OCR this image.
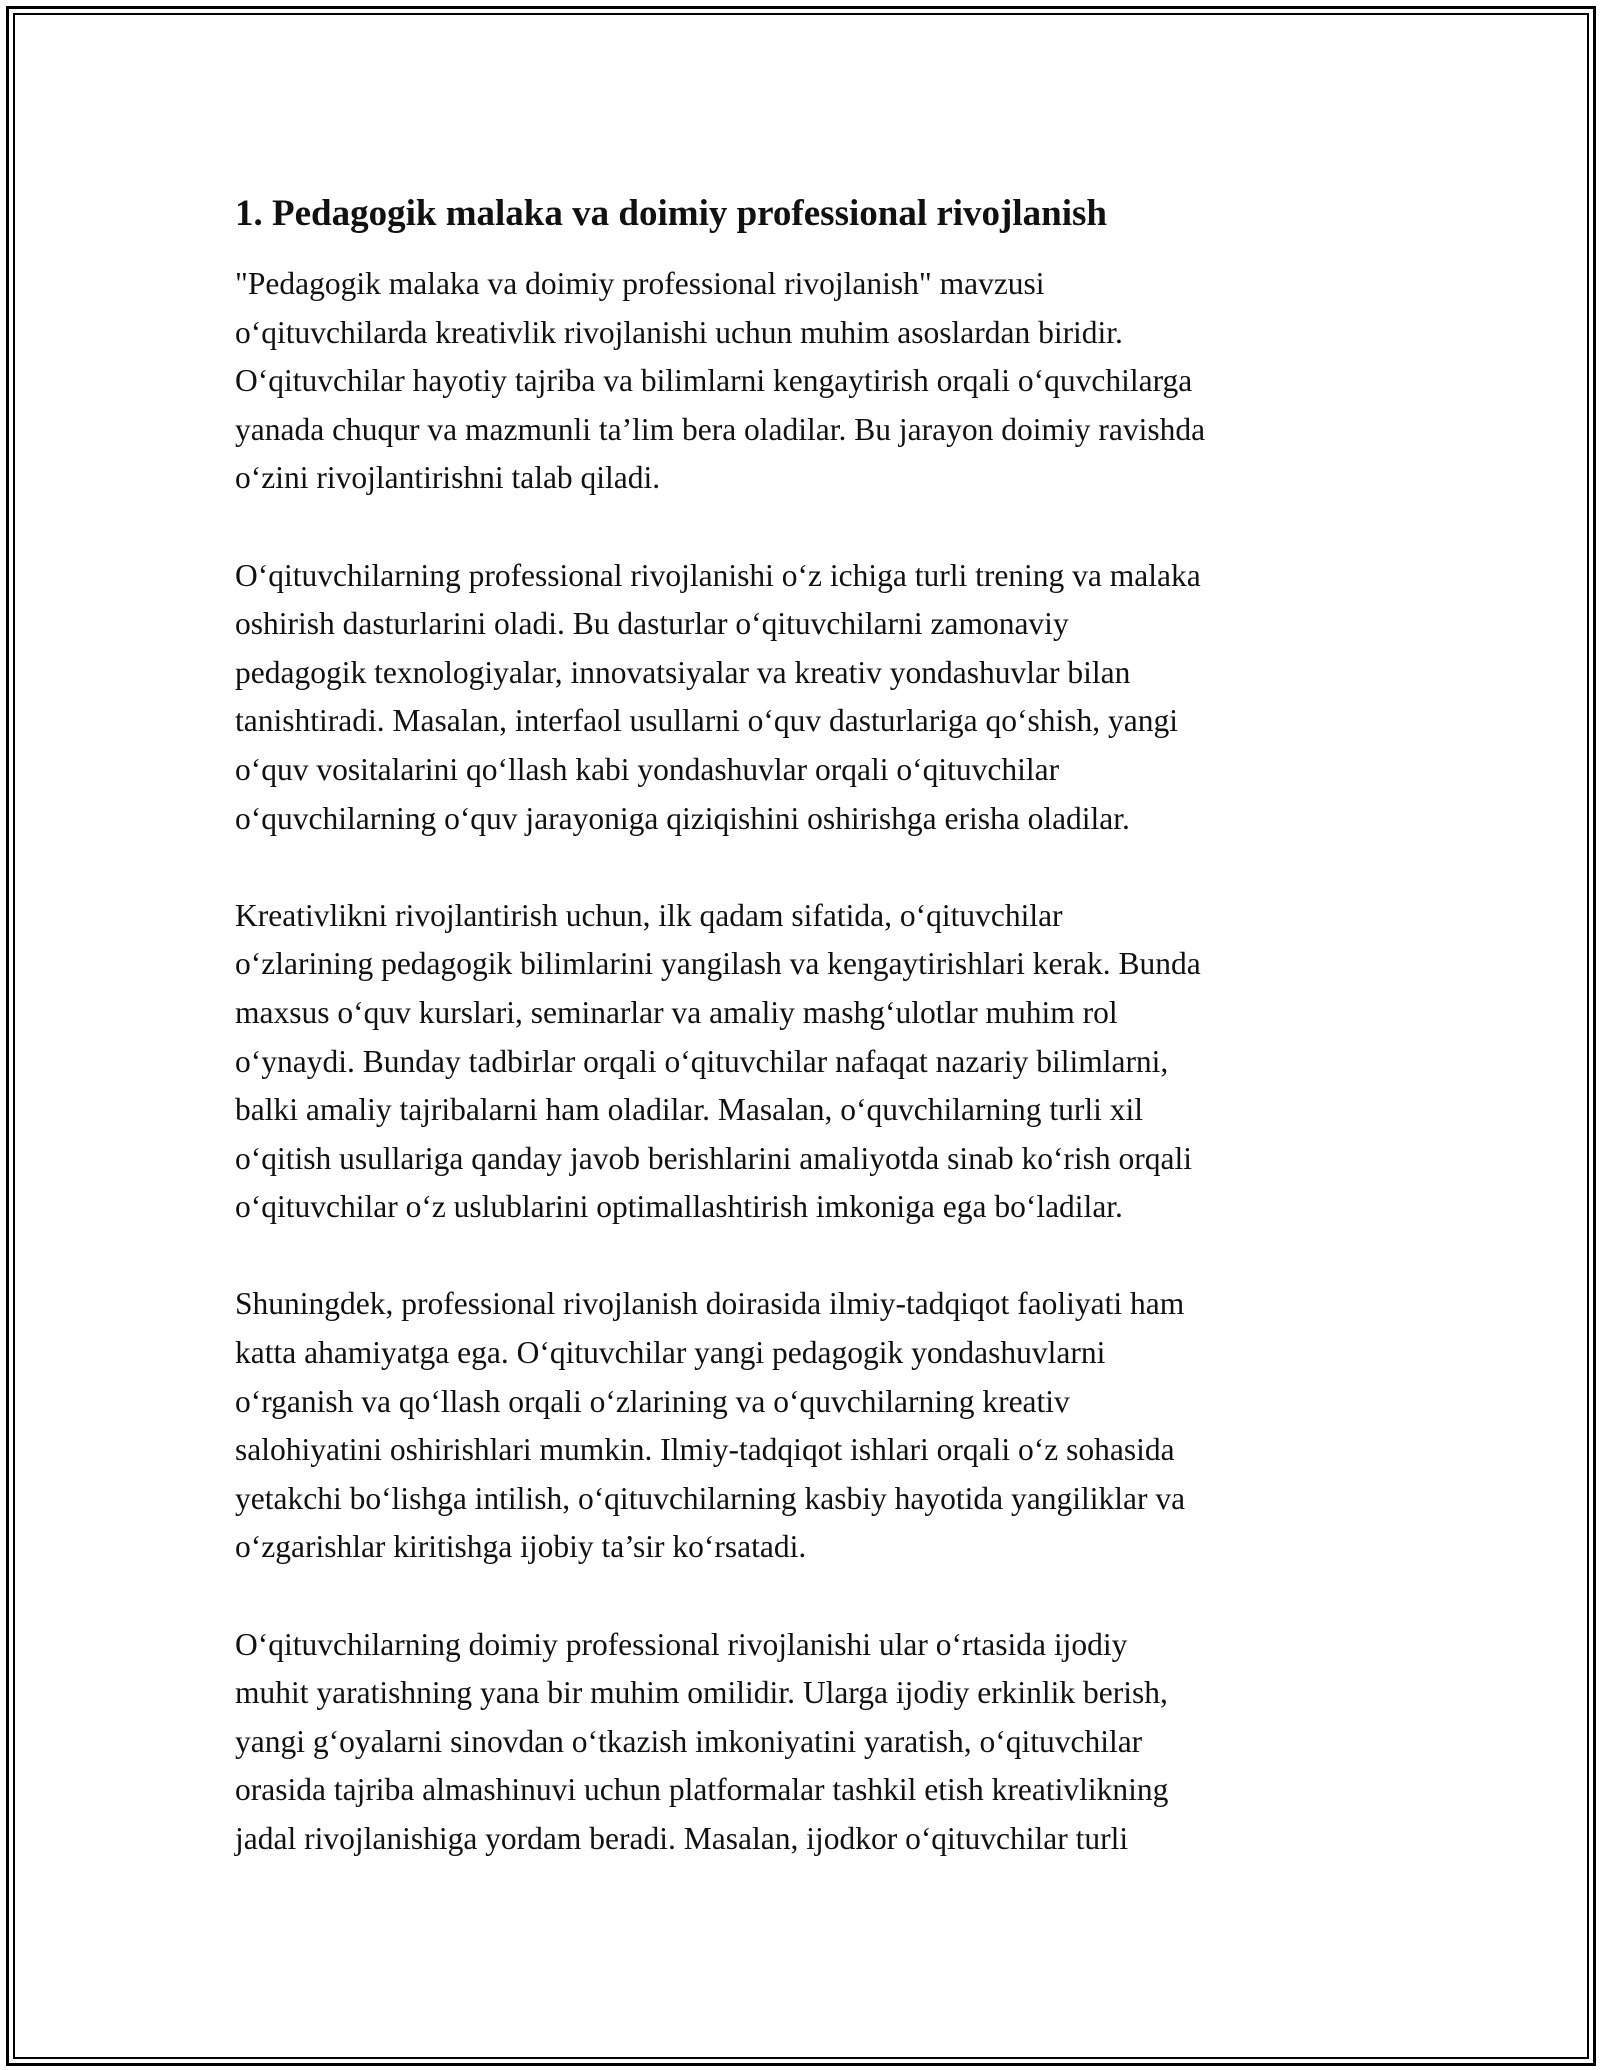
1. Pedagogik malaka va doimiy professional rivojlanish

"Pedagogik malaka va doimiy professional rivojlanish" mavzusi
o‘qituvchilarda kreativlik rivojlanishi uchun muhim asoslardan biridir.
O‘qituvchilar hayotiy tajriba va bilimlarni kengaytirish orqali o‘quvchilarga
yanada chuqur va mazmunli ta’lim bera oladilar. Bu jarayon doimiy ravishda
o‘zini rivojlantirishni talab qiladi.

O‘qituvchilarning professional rivojlanishi o‘z ichiga turli trening va malaka
oshirish dasturlarini oladi. Bu dasturlar o‘qituvchilarni zamonaviy
pedagogik texnologiyalar, innovatsiyalar va kreativ yondashuvlar bilan
tanishtiradi. Masalan, interfaol usullarni o‘quv dasturlariga qo‘shish, yangi
o‘quv vositalarini qo‘llash kabi yondashuvlar orqali o‘qituvchilar
o‘quvchilarning o‘quv jarayoniga qiziqishini oshirishga erisha oladilar.

Kreativlikni rivojlantirish uchun, ilk qadam sifatida, o‘qituvchilar
o‘zlarining pedagogik bilimlarini yangilash va kengaytirishlari kerak. Bunda
maxsus o‘quv kurslari, seminarlar va amaliy mashg‘ulotlar muhim rol
o‘ynaydi. Bunday tadbirlar orqali o‘qituvchilar nafaqat nazariy bilimlarni,
balki amaliy tajribalarni ham oladilar. Masalan, o‘quvchilarning turli xil
o‘qitish usullariga qanday javob berishlarini amaliyotda sinab ko‘rish orqali
o‘qituvchilar o‘z uslublarini optimallashtirish imkoniga ega bo‘ladilar.

Shuningdek, professional rivojlanish doirasida ilmiy-tadqiqot faoliyati ham
katta ahamiyatga ega. O‘qituvchilar yangi pedagogik yondashuvlarni
o‘rganish va qo‘llash orqali o‘zlarining va o‘quvchilarning kreativ
salohiyatini oshirishlari mumkin. Ilmiy-tadqiqot ishlari orqali o‘z sohasida
yetakchi bo‘lishga intilish, o‘qituvchilarning kasbiy hayotida yangiliklar va
o‘zgarishlar kiritishga ijobiy ta’sir ko‘rsatadi.

O‘qituvchilarning doimiy professional rivojlanishi ular o‘rtasida ijodiy
muhit yaratishning yana bir muhim omilidir. Ularga ijodiy erkinlik berish,
yangi g‘oyalarni sinovdan o‘tkazish imkoniyatini yaratish, o‘qituvchilar
orasida tajriba almashinuvi uchun platformalar tashkil etish kreativlikning
jadal rivojlanishiga yordam beradi. Masalan, ijodkor o‘qituvchilar turli
